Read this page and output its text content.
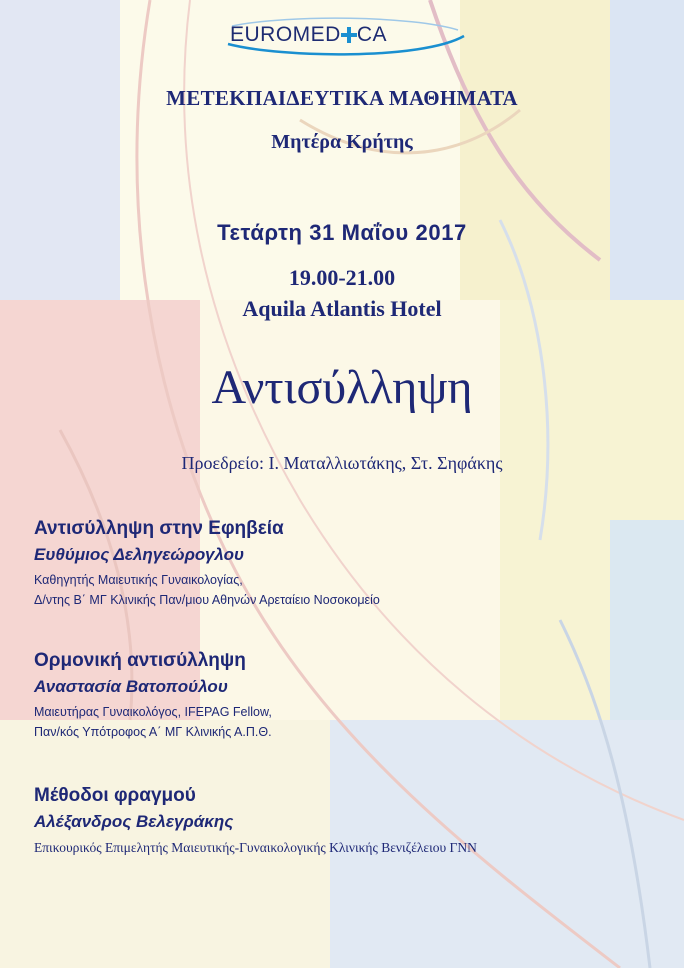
EUROMED CA
ΜΕΤΕΚΠΑΙΔΕΥΤΙΚΑ ΜΑΘΗΜΑΤΑ
Μητέρα Κρήτης
Τετάρτη 31 Μαΐου 2017
19.00-21.00
Aquila Atlantis Hotel
Αντισύλληψη
Προεδρείο: Ι. Ματαλλιωτάκης, Στ. Σηφάκης
Αντισύλληψη στην Εφηβεία
Ευθύμιος Δεληγεώρογλου
Καθηγητής Μαιευτικής Γυναικολογίας,
Δ/ντης Β΄ ΜΓ Κλινικής Παν/μιου Αθηνών Αρεταίειο Νοσοκομείο
Ορμονική αντισύλληψη
Αναστασία Βατοπούλου
Μαιευτήρας Γυναικολόγος, IFEPAG Fellow,
Παν/κός Υπότροφος Α΄ ΜΓ Κλινικής Α.Π.Θ.
Μέθοδοι φραγμού
Αλέξανδρος Βελεγράκης
Επικουρικός Επιμελητής Μαιευτικής-Γυναικολογικής Κλινικής Βενιζέλειου ΓΝΝ
